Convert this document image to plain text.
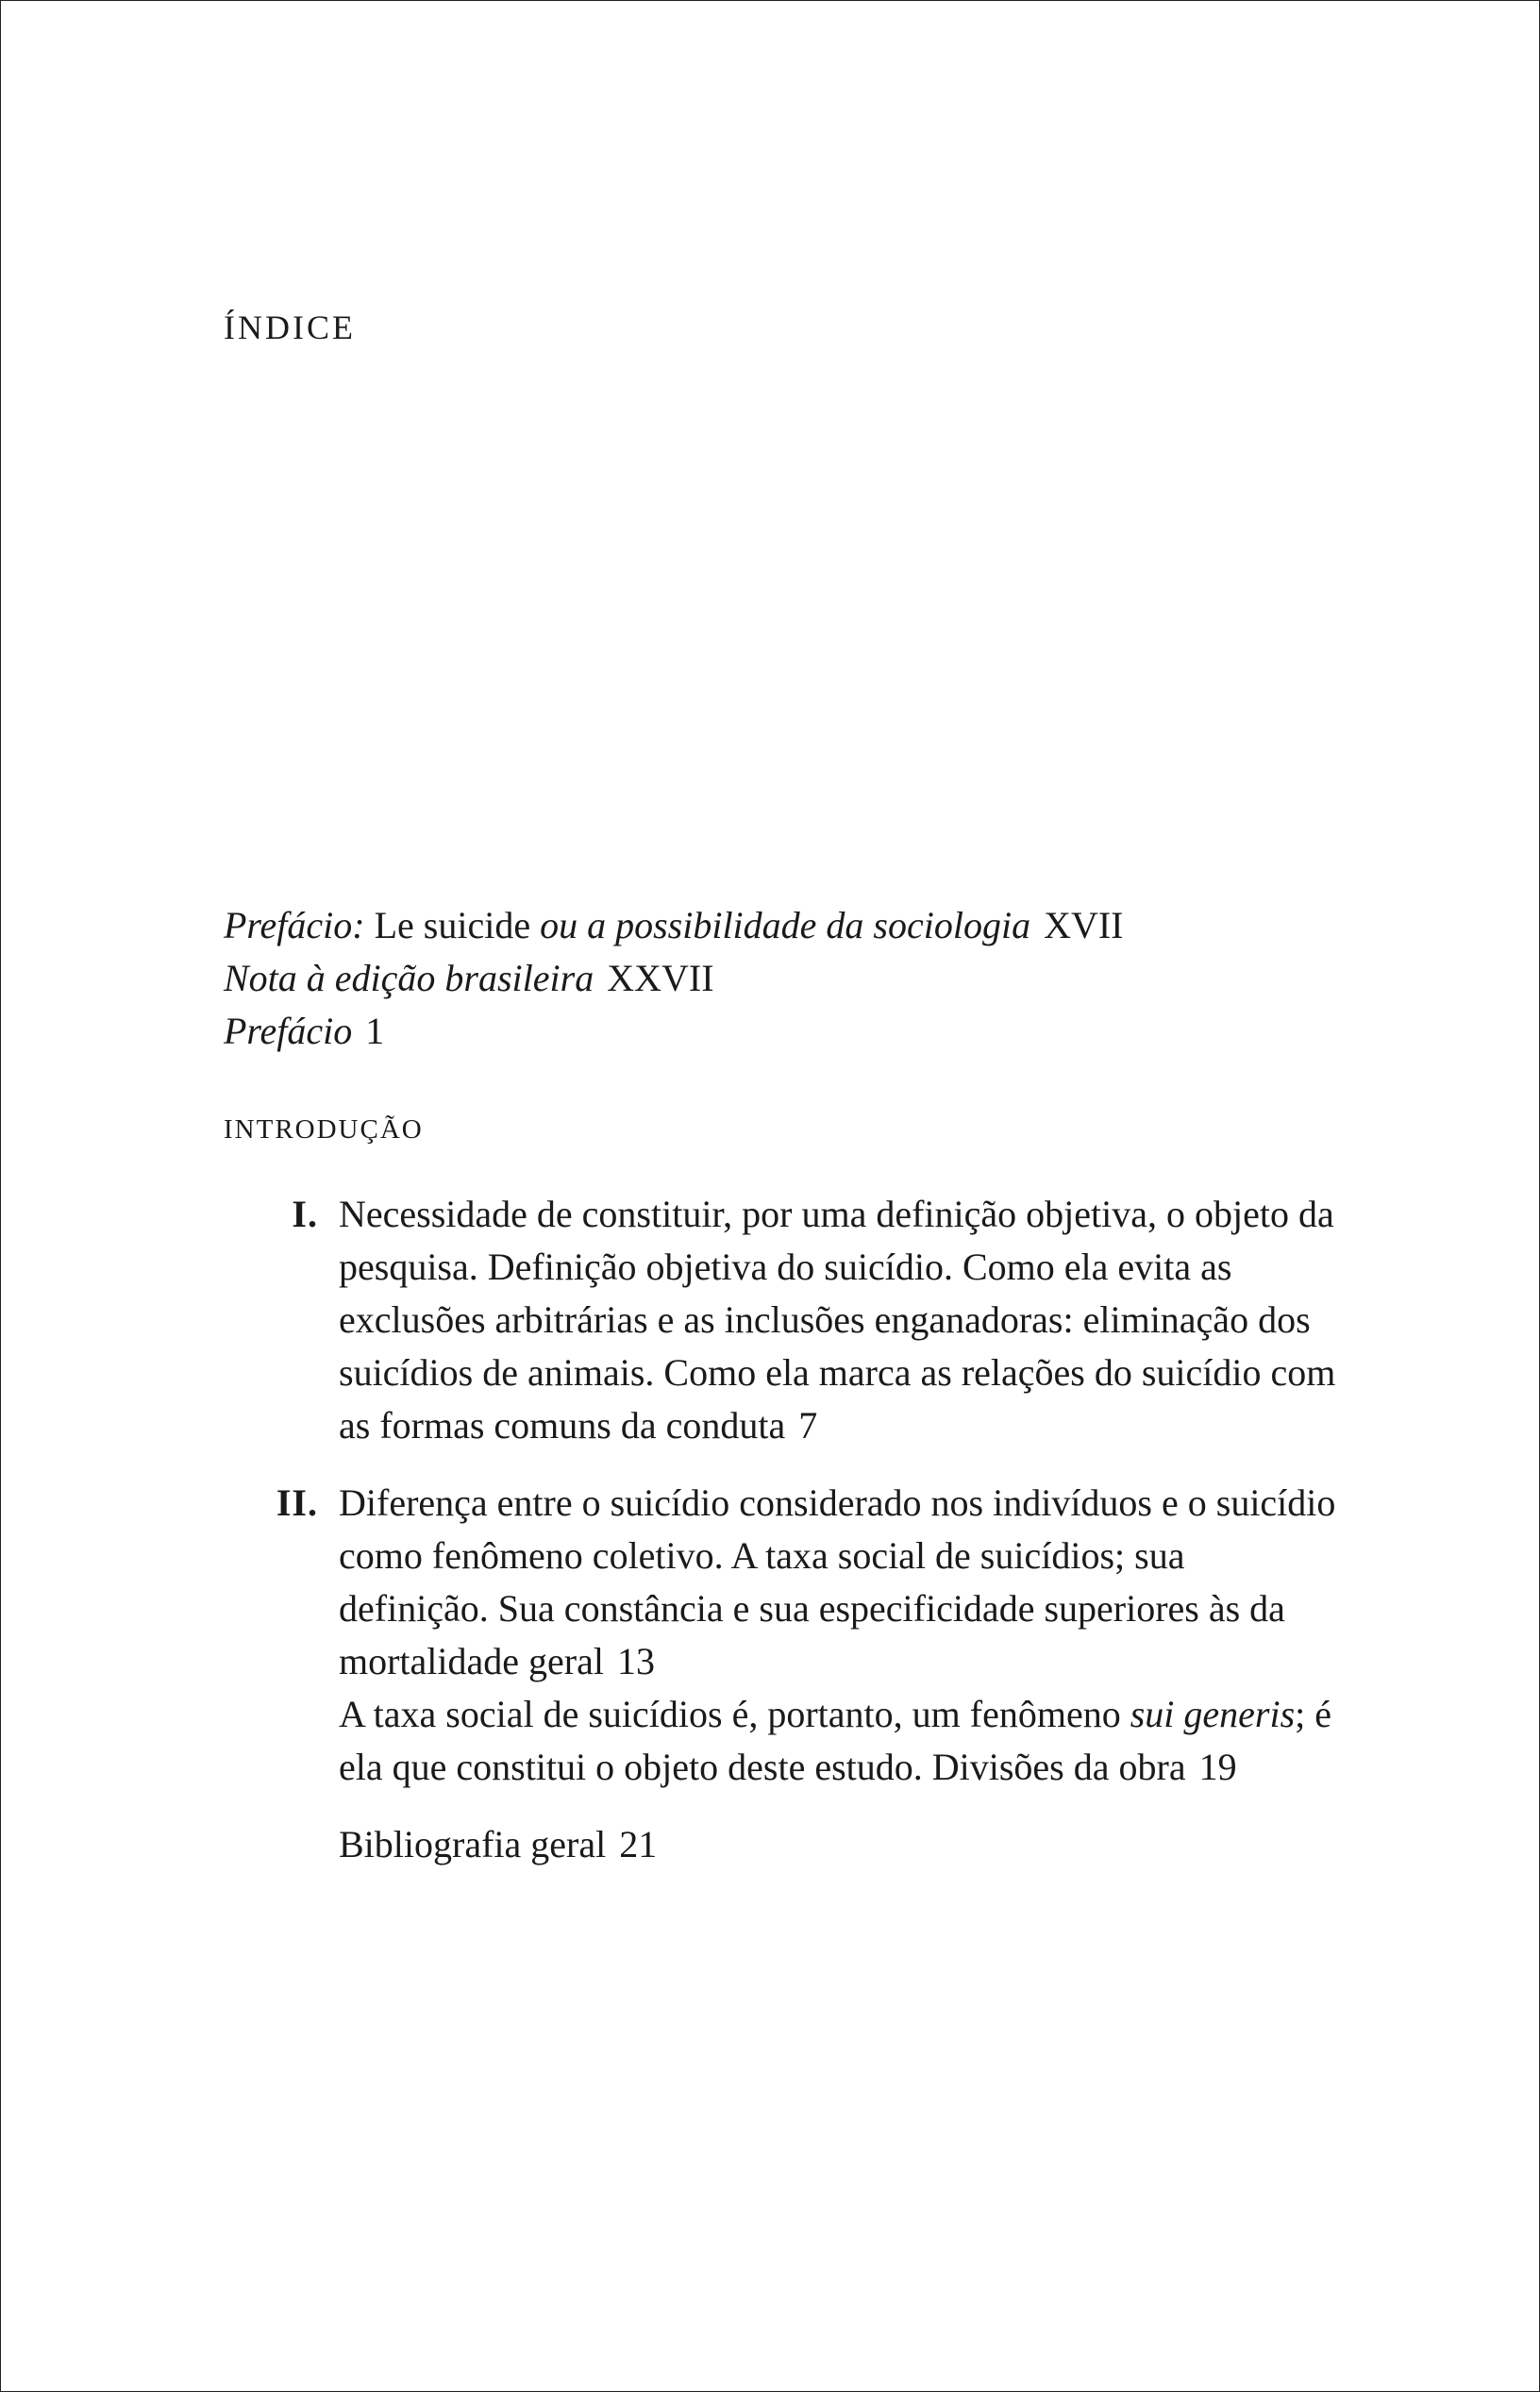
índice
Prefácio: Le suicide ou a possibilidade da sociologia XVII
Nota à edição brasileira XXVII
Prefácio 1
introdução
I. Necessidade de constituir, por uma definição objetiva, o objeto da pesquisa. Definição objetiva do suicídio. Como ela evita as exclusões arbitrárias e as inclusões enganadoras: eliminação dos suicídios de animais. Como ela marca as relações do suicídio com as formas comuns da conduta 7
II. Diferença entre o suicídio considerado nos indivíduos e o suicídio como fenômeno coletivo. A taxa social de suicídios; sua definição. Sua constância e sua especificidade superiores às da mortalidade geral 13
A taxa social de suicídios é, portanto, um fenômeno sui generis; é ela que constitui o objeto deste estudo. Divisões da obra 19
Bibliografia geral 21
